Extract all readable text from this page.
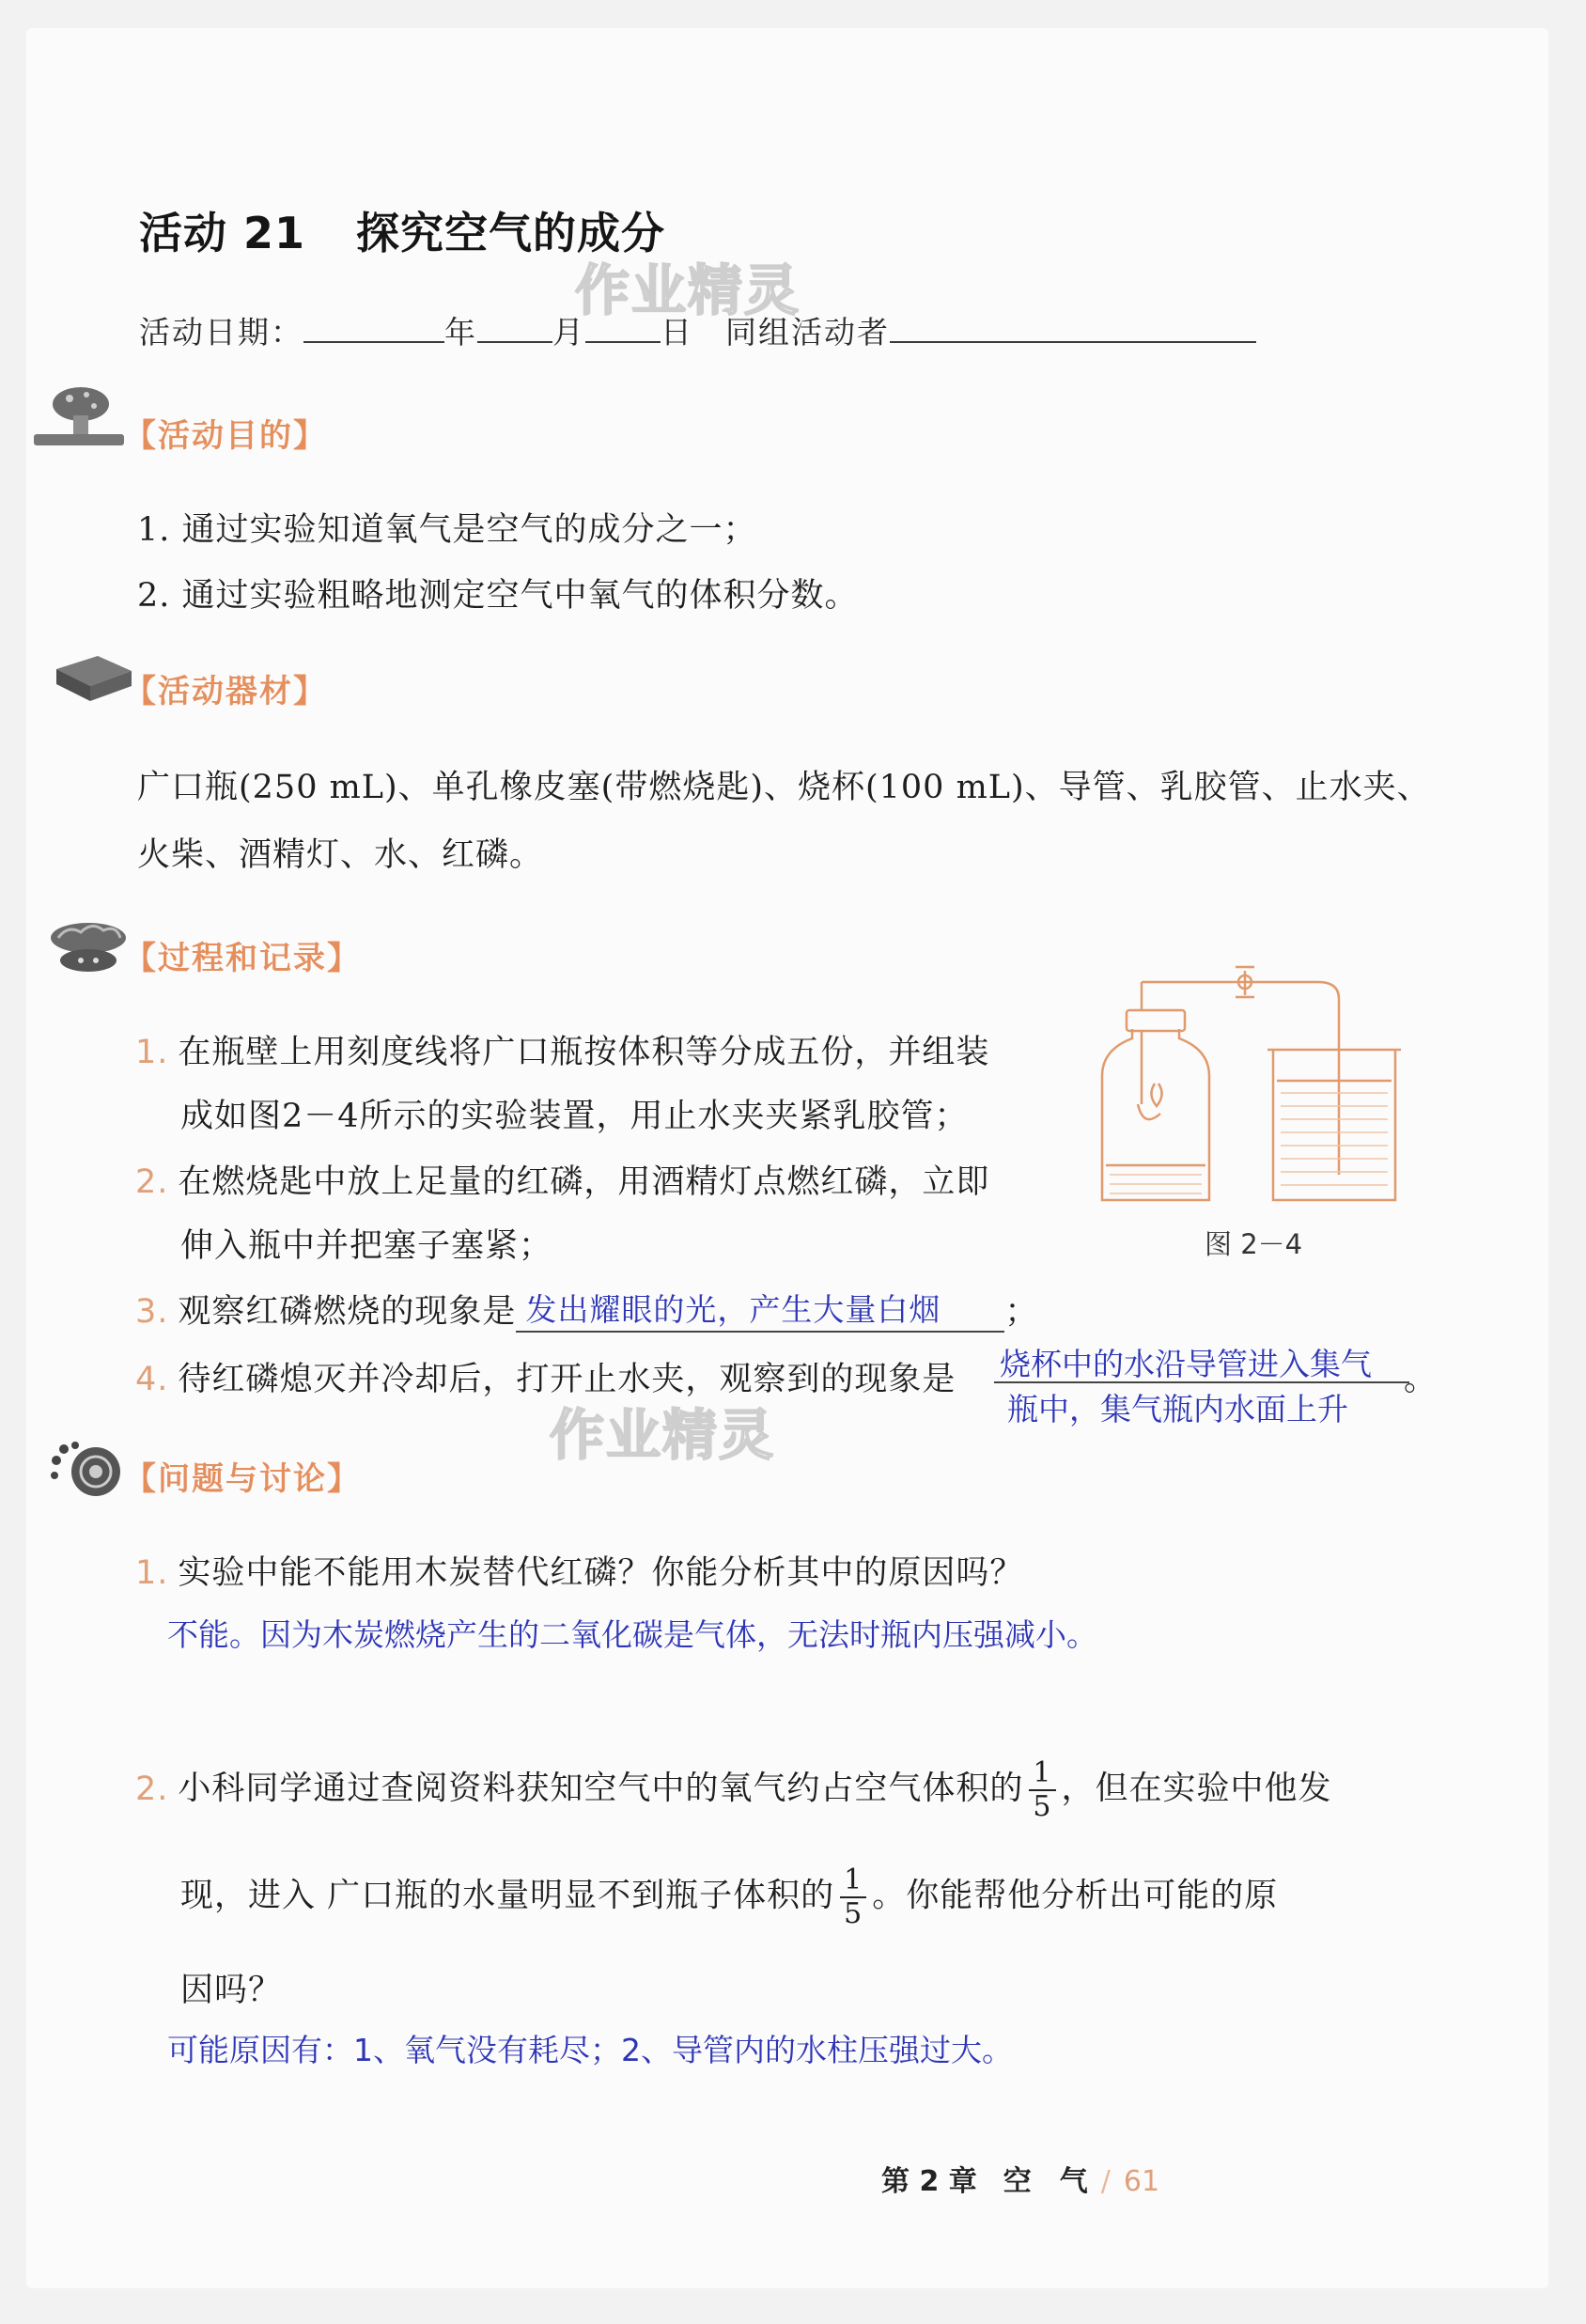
活动 21 探究空气的成分
作业精灵
作业精灵
活动日期：	年 月 日 同组活动者
【活动目的】
1. 通过实验知道氧气是空气的成分之一；
2. 通过实验粗略地测定空气中氧气的体积分数。
【活动器材】
广口瓶(250 mL)、单孔橡皮塞(带燃烧匙)、烧杯(100 mL)、导管、乳胶管、止水夹、
火柴、酒精灯、水、红磷。
【过程和记录】
1. 在瓶壁上用刻度线将广口瓶按体积等分成五份，并组装
成如图2－4所示的实验装置，用止水夹夹紧乳胶管；
2. 在燃烧匙中放上足量的红磷，用酒精灯点燃红磷，立即
伸入瓶中并把塞子塞紧；
3. 观察红磷燃烧的现象是 发出耀眼的光，产生大量白烟 ；
4. 待红磷熄灭并冷却后，打开止水夹，观察到的现象是 烧杯中的水沿导管进入集气 。
瓶中，集气瓶内水面上升
图 2－4
【问题与讨论】
1. 实验中能不能用木炭替代红磷？你能分析其中的原因吗？
不能。因为木炭燃烧产生的二氧化碳是气体，无法时瓶内压强减小。
2. 小科同学通过查阅资料获知空气中的氧气约占空气体积的 $\frac{1}{5}$ ，但在实验中他发
现，进入 广口瓶的水量明显不到瓶子体积的 $\frac{1}{5}$ 。你能帮他分析出可能的原
因吗？
可能原因有：1、氧气没有耗尽；2、导管内的水柱压强过大。
第 2 章 空　气 / 61
